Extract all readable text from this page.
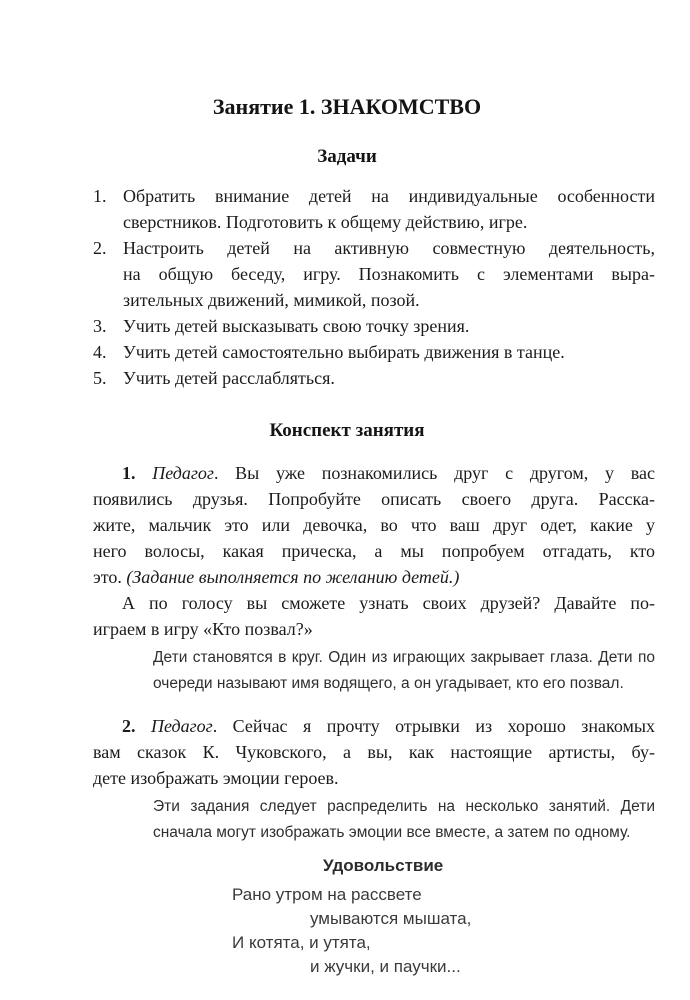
Занятие 1. ЗНАКОМСТВО
Задачи
1. Обратить внимание детей на индивидуальные особенности
сверстников. Подготовить к общему действию, игре.
2. Настроить детей на активную совместную деятельность,
на общую беседу, игру. Познакомить с элементами выра-
зительных движений, мимикой, позой.
3. Учить детей высказывать свою точку зрения.
4. Учить детей самостоятельно выбирать движения в танце.
5. Учить детей расслабляться.
Конспект занятия
1. Педагог. Вы уже познакомились друг с другом, у вас
появились друзья. Попробуйте описать своего друга. Расска-
жите, мальчик это или девочка, во что ваш друг одет, какие у
него волосы, какая прическа, а мы попробуем отгадать, кто
это. (Задание выполняется по желанию детей.)
А по голосу вы сможете узнать своих друзей? Давайте по-
играем в игру «Кто позвал?»
Дети становятся в круг. Один из играющих закрывает глаза. Дети по
очереди называют имя водящего, а он угадывает, кто его позвал.
2. Педагог. Сейчас я прочту отрывки из хорошо знакомых
вам сказок К. Чуковского, а вы, как настоящие артисты, бу-
дете изображать эмоции героев.
Эти задания следует распределить на несколько занятий. Дети
сначала могут изображать эмоции все вместе, а затем по одному.
Удовольствие
Рано утром на рассвете
умываются мышата,
И котята, и утята,
и жучки, и паучки...
